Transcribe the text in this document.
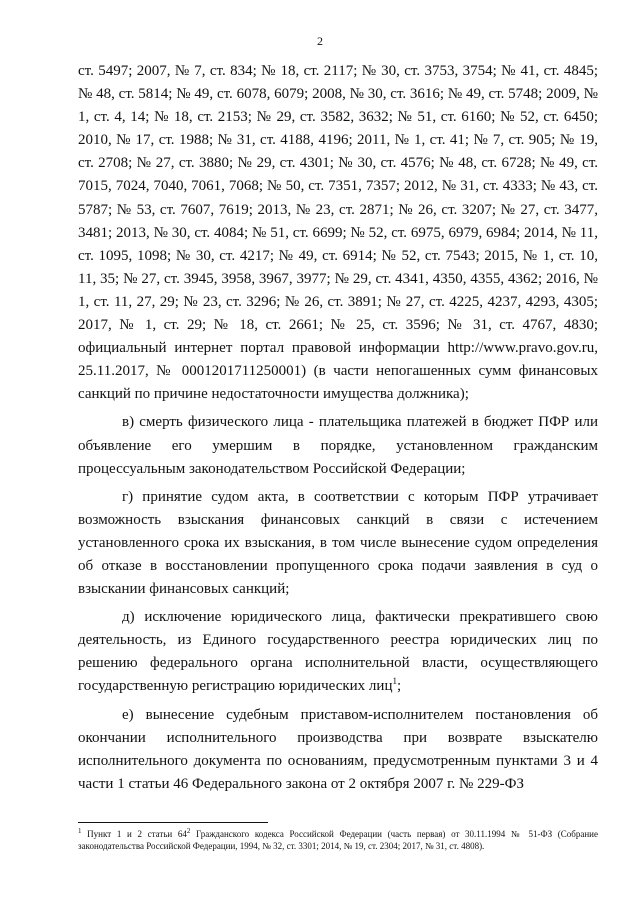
2

ст. 5497; 2007, № 7, ст. 834; № 18, ст. 2117; № 30, ст. 3753, 3754; № 41, ст. 4845; № 48, ст. 5814; № 49, ст. 6078, 6079; 2008, № 30, ст. 3616; № 49, ст. 5748; 2009, № 1, ст. 4, 14; № 18, ст. 2153; № 29, ст. 3582, 3632; № 51, ст. 6160; № 52, ст. 6450; 2010, № 17, ст. 1988; № 31, ст. 4188, 4196; 2011, № 1, ст. 41; № 7, ст. 905; № 19, ст. 2708; № 27, ст. 3880; № 29, ст. 4301; № 30, ст. 4576; № 48, ст. 6728; № 49, ст. 7015, 7024, 7040, 7061, 7068; № 50, ст. 7351, 7357; 2012, № 31, ст. 4333; № 43, ст. 5787; № 53, ст. 7607, 7619; 2013, № 23, ст. 2871; № 26, ст. 3207; № 27, ст. 3477, 3481; 2013, № 30, ст. 4084; № 51, ст. 6699; № 52, ст. 6975, 6979, 6984; 2014, № 11, ст. 1095, 1098; № 30, ст. 4217; № 49, ст. 6914; № 52, ст. 7543; 2015, № 1, ст. 10, 11, 35; № 27, ст. 3945, 3958, 3967, 3977; № 29, ст. 4341, 4350, 4355, 4362; 2016, № 1, ст. 11, 27, 29; № 23, ст. 3296; № 26, ст. 3891; № 27, ст. 4225, 4237, 4293, 4305; 2017, № 1, ст. 29; № 18, ст. 2661; № 25, ст. 3596; № 31, ст. 4767, 4830; официальный интернет портал правовой информации http://www.pravo.gov.ru, 25.11.2017, № 0001201711250001) (в части непогашенных сумм финансовых санкций по причине недостаточности имущества должника);

в) смерть физического лица - плательщика платежей в бюджет ПФР или объявление его умершим в порядке, установленном гражданским процессуальным законодательством Российской Федерации;

г) принятие судом акта, в соответствии с которым ПФР утрачивает возможность взыскания финансовых санкций в связи с истечением установленного срока их взыскания, в том числе вынесение судом определения об отказе в восстановлении пропущенного срока подачи заявления в суд о взыскании финансовых санкций;

д) исключение юридического лица, фактически прекратившего свою деятельность, из Единого государственного реестра юридических лиц по решению федерального органа исполнительной власти, осуществляющего государственную регистрацию юридических лиц$^1$;

е) вынесение судебным приставом-исполнителем постановления об окончании исполнительного производства при возврате взыскателю исполнительного документа по основаниям, предусмотренным пунктами 3 и 4 части 1 статьи 46 Федерального закона от 2 октября 2007 г. № 229-ФЗ

$^1$ Пункт 1 и 2 статьи $64^2$ Гражданского кодекса Российской Федерации (часть первая) от 30.11.1994 № 51-ФЗ (Собрание законодательства Российской Федерации, 1994, № 32, ст. 3301; 2014, № 19, ст. 2304; 2017, № 31, ст. 4808).
